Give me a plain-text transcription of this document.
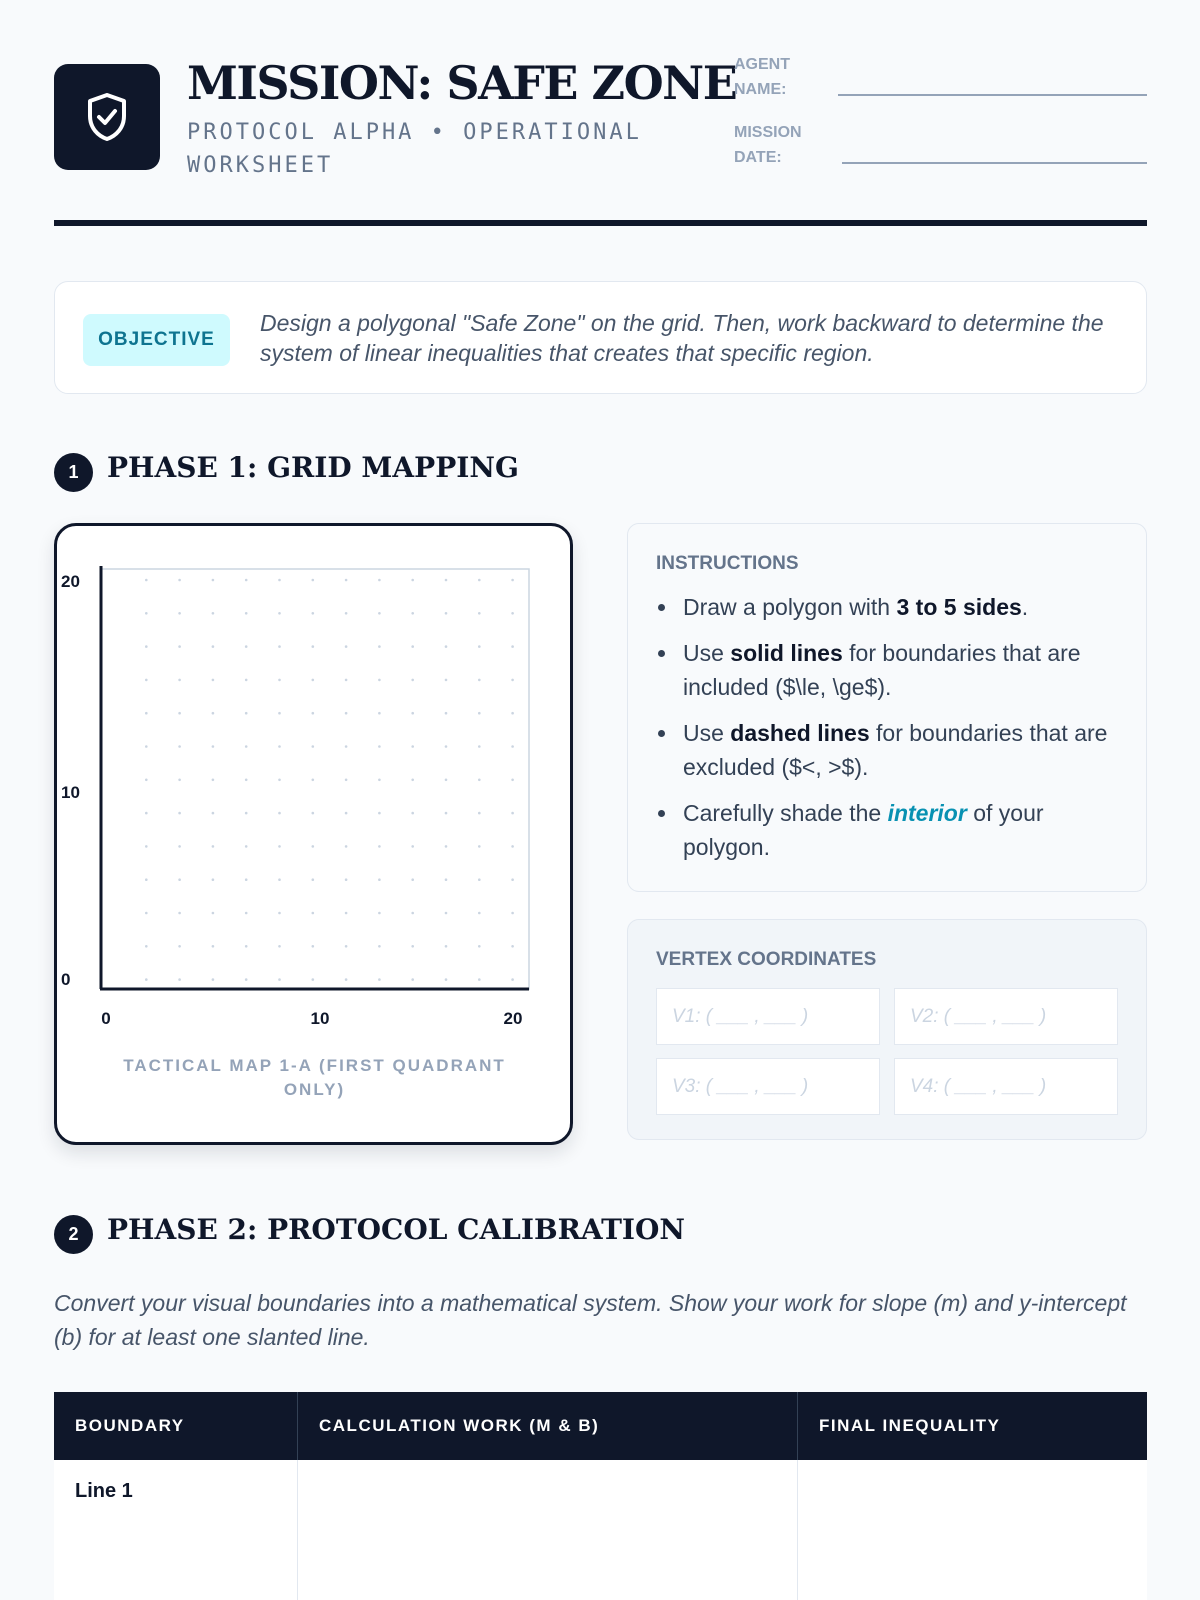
MISSION: SAFE ZONE
PROTOCOL ALPHA • OPERATIONAL WORKSHEET
AGENT NAME:
MISSION DATE:
OBJECTIVE
Design a polygonal "Safe Zone" on the grid. Then, work backward to determine the system of linear inequalities that creates that specific region.
1	PHASE 1: GRID MAPPING
20
10
0
0	10	20
TACTICAL MAP 1-A (FIRST QUADRANT ONLY)
INSTRUCTIONS
Draw a polygon with 3 to 5 sides.
Use solid lines for boundaries that are included ($\le, \ge$).
Use dashed lines for boundaries that are excluded ($<, >$).
Carefully shade the interior of your polygon.
VERTEX COORDINATES
V1: ( ___ , ___ )	V2: ( ___ , ___ )
V3: ( ___ , ___ )	V4: ( ___ , ___ )
2	PHASE 2: PROTOCOL CALIBRATION
Convert your visual boundaries into a mathematical system. Show your work for slope (m) and y-intercept (b) for at least one slanted line.
BOUNDARY	CALCULATION WORK (M & B)	FINAL INEQUALITY
Line 1
